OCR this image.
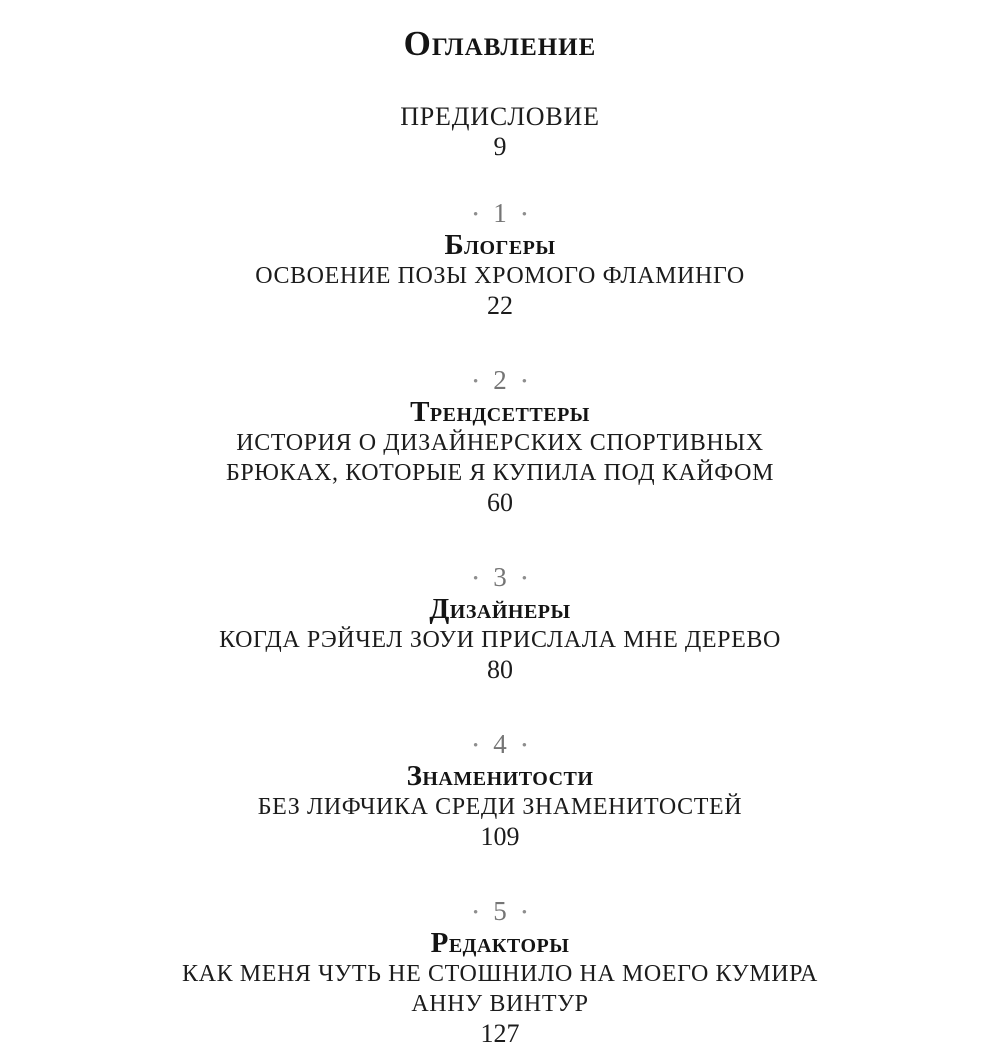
Оглавление
ПРЕДИСЛОВИЕ
9
• 1 •
Блогеры
ОСВОЕНИЕ ПОЗЫ ХРОМОГО ФЛАМИНГО
22
• 2 •
Трендсеттеры
ИСТОРИЯ О ДИЗАЙНЕРСКИХ СПОРТИВНЫХ
БРЮКАХ, КОТОРЫЕ Я КУПИЛА ПОД КАЙФОМ
60
• 3 •
Дизайнеры
КОГДА РЭЙЧЕЛ ЗОУИ ПРИСЛАЛА МНЕ ДЕРЕВО
80
• 4 •
Знаменитости
БЕЗ ЛИФЧИКА СРЕДИ ЗНАМЕНИТОСТЕЙ
109
• 5 •
Редакторы
КАК МЕНЯ ЧУТЬ НЕ СТОШНИЛО НА МОЕГО КУМИРА
АННУ ВИНТУР
127
